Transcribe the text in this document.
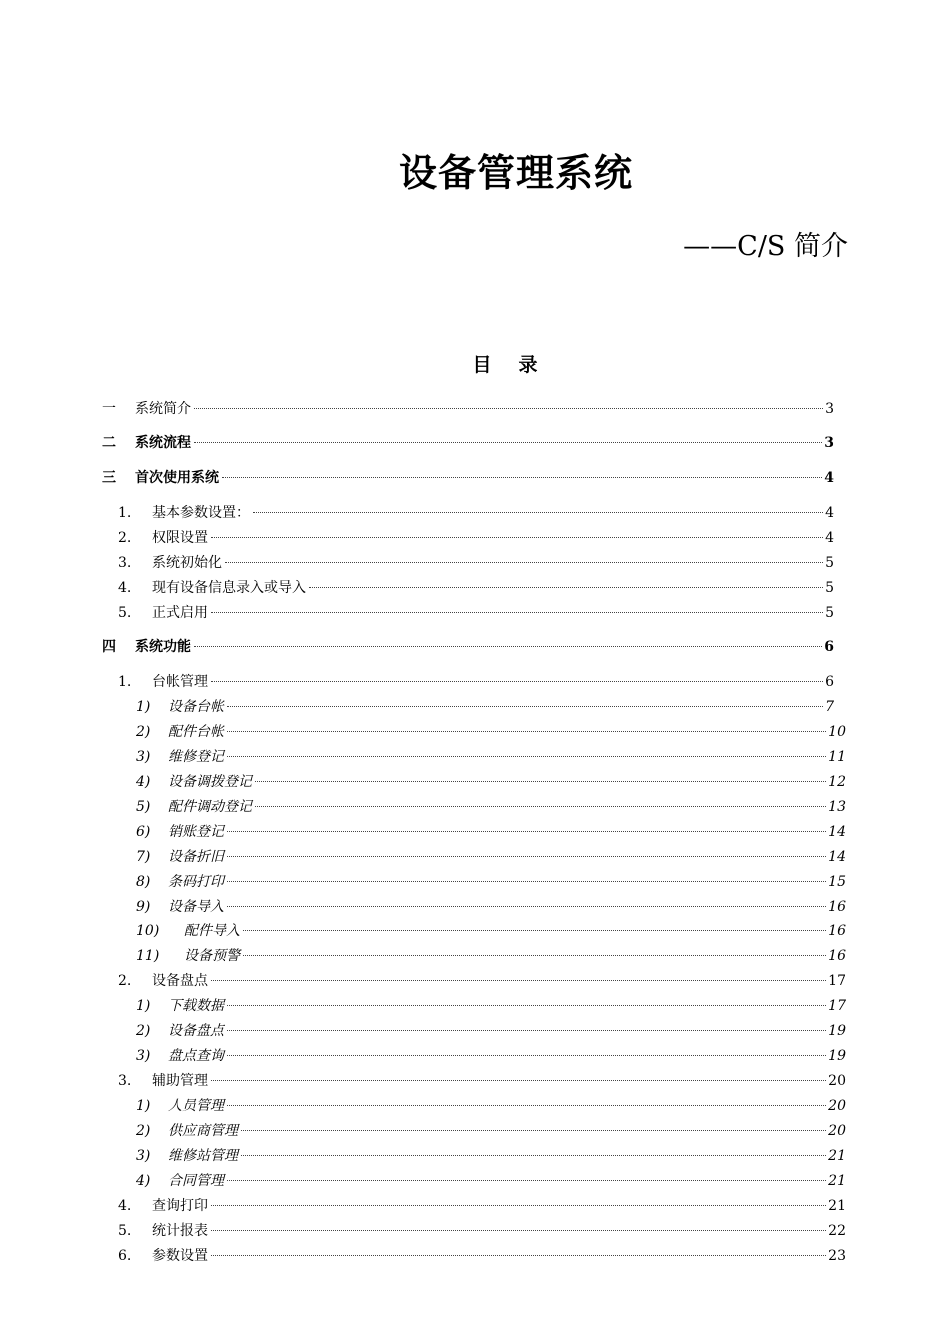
设备管理系统
——C/S 简介
目　录
一	系统简介	3
二	系统流程	3
三	首次使用系统	4
1.	基本参数设置：	4
2.	权限设置	4
3.	系统初始化	5
4.	现有设备信息录入或导入	5
5.	正式启用	5
四	系统功能	6
1.	台帐管理	6
1)	设备台帐	7
2)	配件台帐	10
3)	维修登记	11
4)	设备调拨登记	12
5)	配件调动登记	13
6)	销账登记	14
7)	设备折旧	14
8)	条码打印	15
9)	设备导入	16
10)	配件导入	16
11)	设备预警	16
2.	设备盘点	17
1)	下载数据	17
2)	设备盘点	19
3)	盘点查询	19
3.	辅助管理	20
1)	人员管理	20
2)	供应商管理	20
3)	维修站管理	21
4)	合同管理	21
4.	查询打印	21
5.	统计报表	22
6.	参数设置	23
